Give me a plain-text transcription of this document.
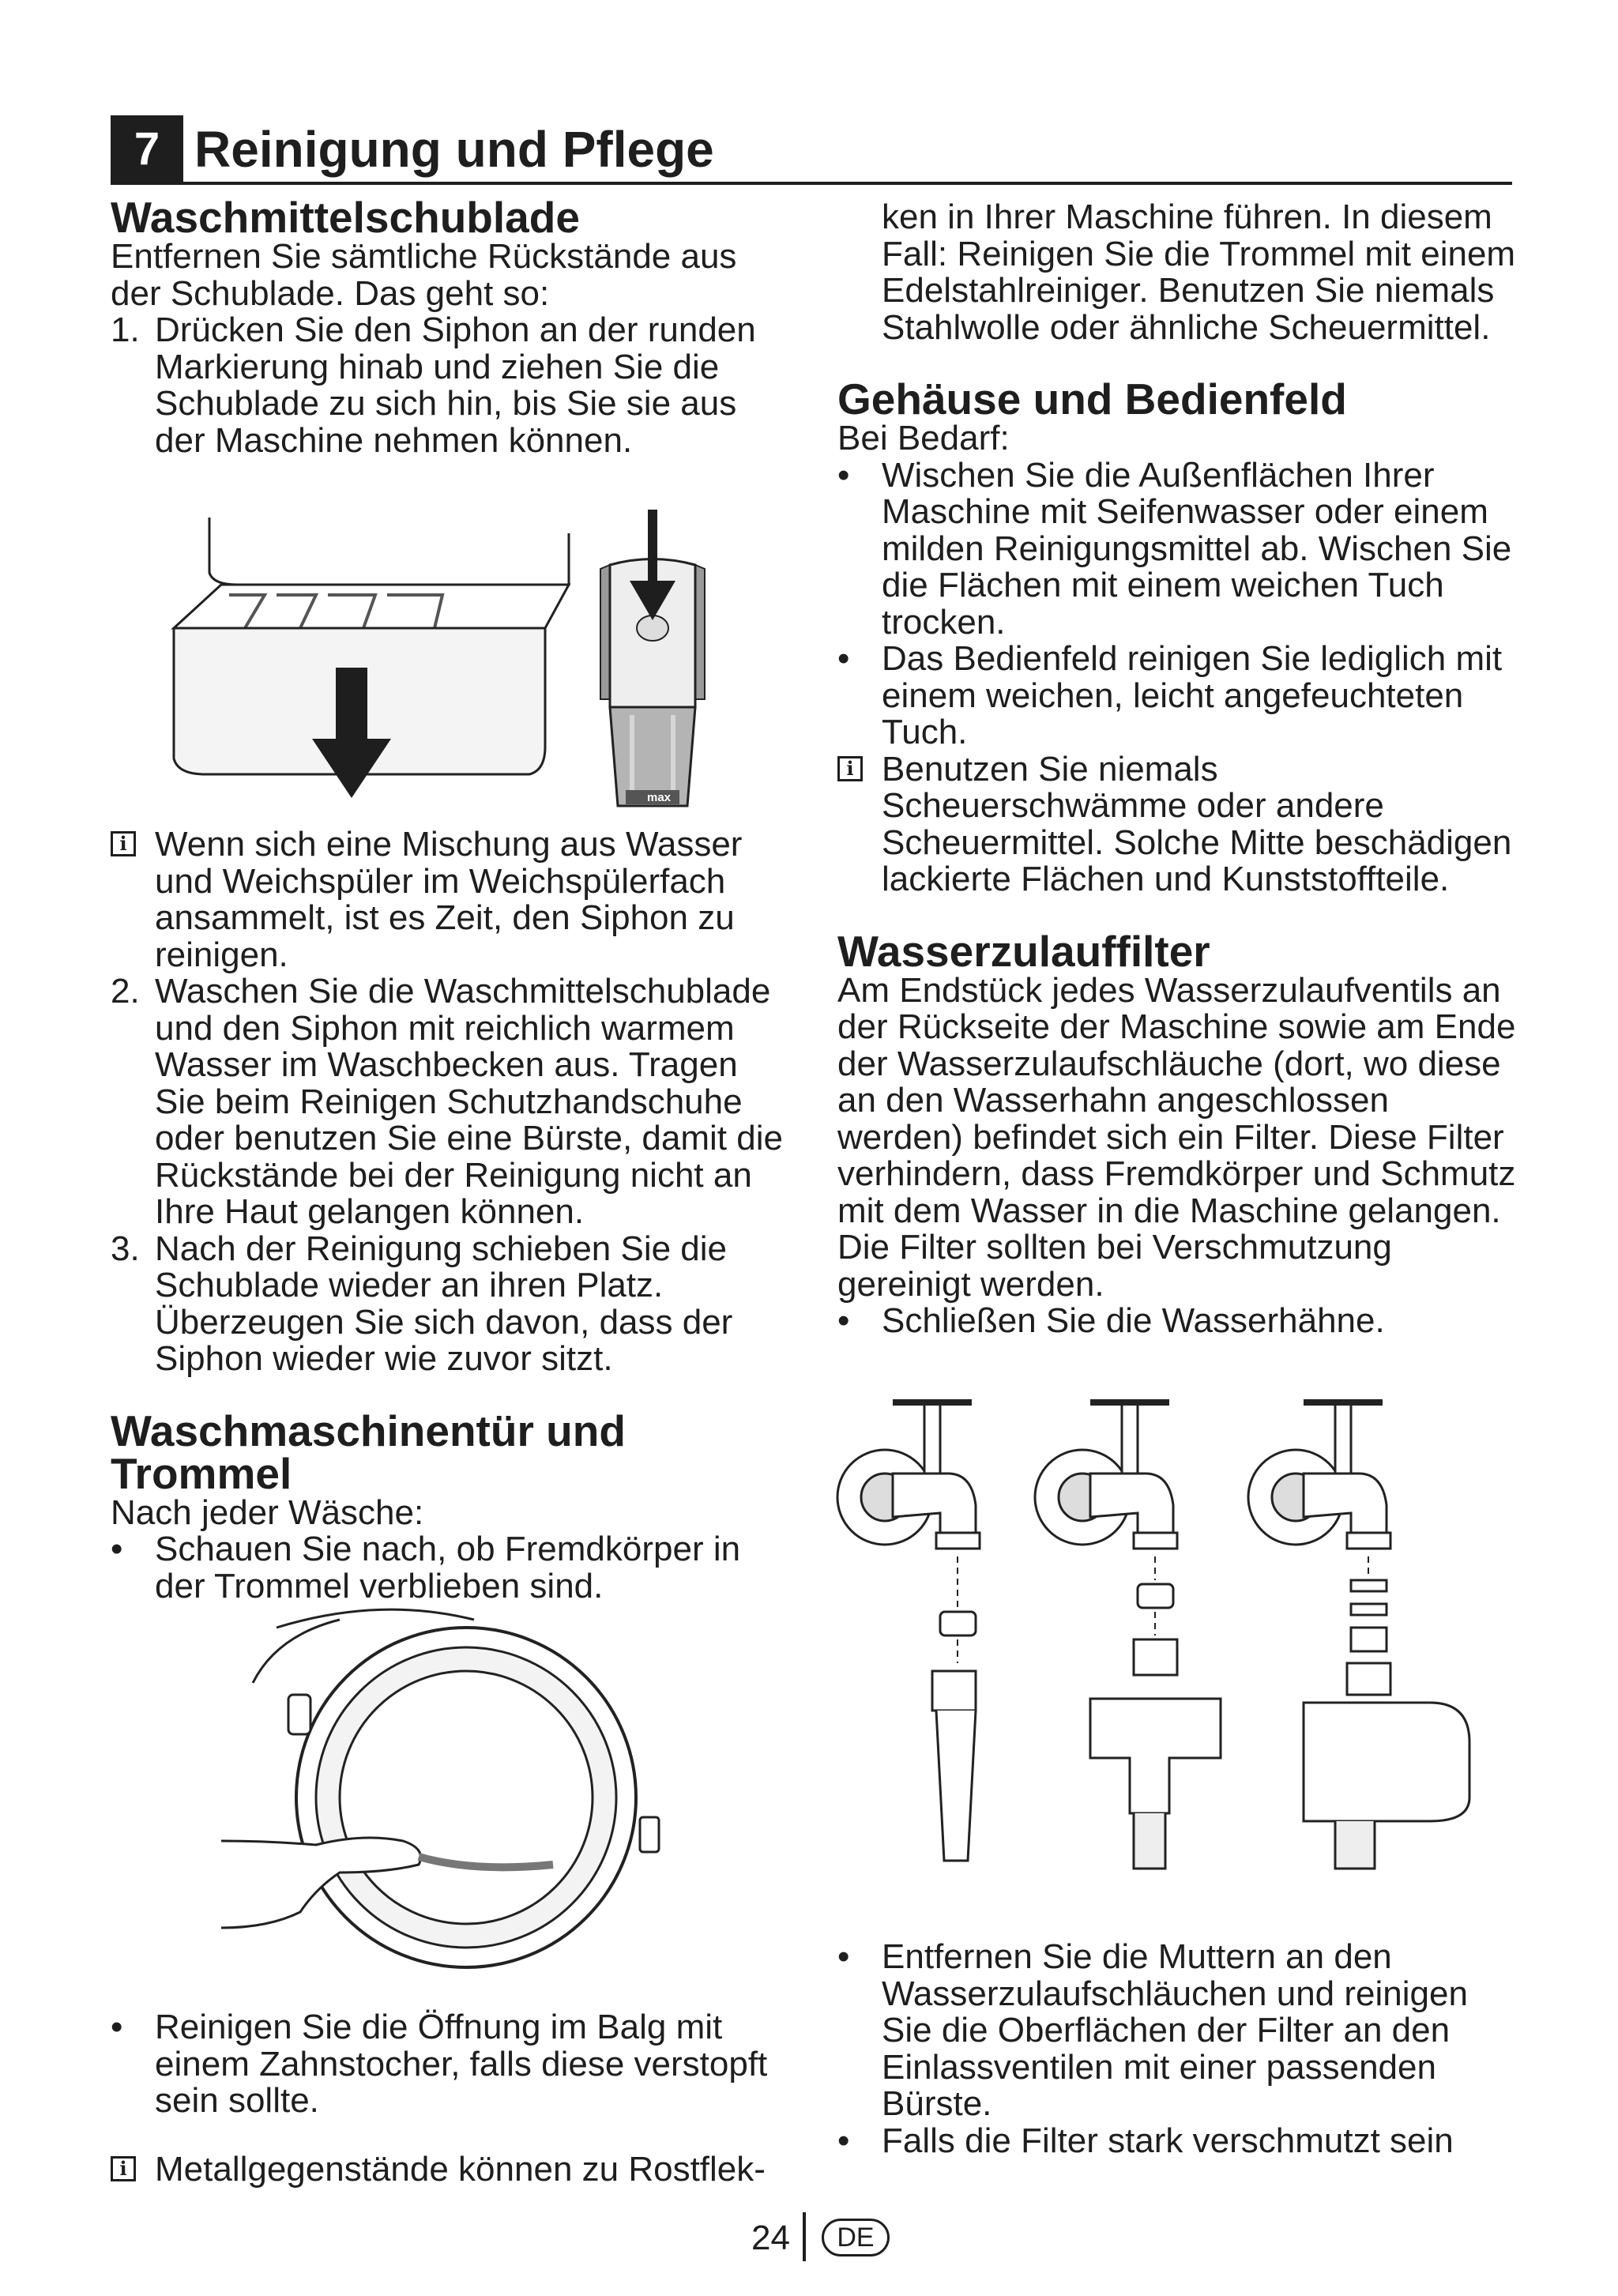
7 Reinigung und Pflege
Waschmittelschublade

Entfernen Sie sämtliche Rückstände aus der Schublade. Das geht so:

1. Drücken Sie den Siphon an der runden Markierung hinab und ziehen Sie die Schublade zu sich hin, bis Sie sie aus der Maschine nehmen können.
max
i Wenn sich eine Mischung aus Wasser und Weichspüler im Weichspülerfach ansammelt, ist es Zeit, den Siphon zu reinigen.
2. Waschen Sie die Waschmittelschublade und den Siphon mit reichlich warmem Wasser im Waschbecken aus. Tragen Sie beim Reinigen Schutzhandschuhe oder benutzen Sie eine Bürste, damit die Rückstände bei der Reinigung nicht an Ihre Haut gelangen können.
3. Nach der Reinigung schieben Sie die Schublade wieder an ihren Platz. Überzeugen Sie sich davon, dass der Siphon wieder wie zuvor sitzt.
Waschmaschinentür und Trommel

Nach jeder Wäsche:

• Schauen Sie nach, ob Fremdkörper in der Trommel verblieben sind.
• Reinigen Sie die Öffnung im Balg mit einem Zahnstocher, falls diese verstopft sein sollte.
i Metallgegenstände können zu Rostflek-

ken in Ihrer Maschine führen. In diesem Fall: Reinigen Sie die Trommel mit einem Edelstahlreiniger. Benutzen Sie niemals Stahlwolle oder ähnliche Scheuermittel.

Gehäuse und Bedienfeld

Bei Bedarf:

• Wischen Sie die Außenflächen Ihrer Maschine mit Seifenwasser oder einem milden Reinigungsmittel ab. Wischen Sie die Flächen mit einem weichen Tuch trocken.
• Das Bedienfeld reinigen Sie lediglich mit einem weichen, leicht angefeuchteten Tuch.
i Benutzen Sie niemals Scheuerschwämme oder andere Scheuermittel. Solche Mitte beschädigen lackierte Flächen und Kunststoffteile.
Wasserzulauffilter

Am Endstück jedes Wasserzulaufventils an der Rückseite der Maschine sowie am Ende der Wasserzulaufschläuche (dort, wo diese an den Wasserhahn angeschlossen werden) befindet sich ein Filter. Diese Filter verhindern, dass Fremdkörper und Schmutz mit dem Wasser in die Maschine gelangen. Die Filter sollten bei Verschmutzung gereinigt werden.

• Schließen Sie die Wasserhähne.
• Entfernen Sie die Muttern an den Wasserzulaufschläuchen und reinigen Sie die Oberflächen der Filter an den Einlassventilen mit einer passenden Bürste.
• Falls die Filter stark verschmutzt sein
24	DE
